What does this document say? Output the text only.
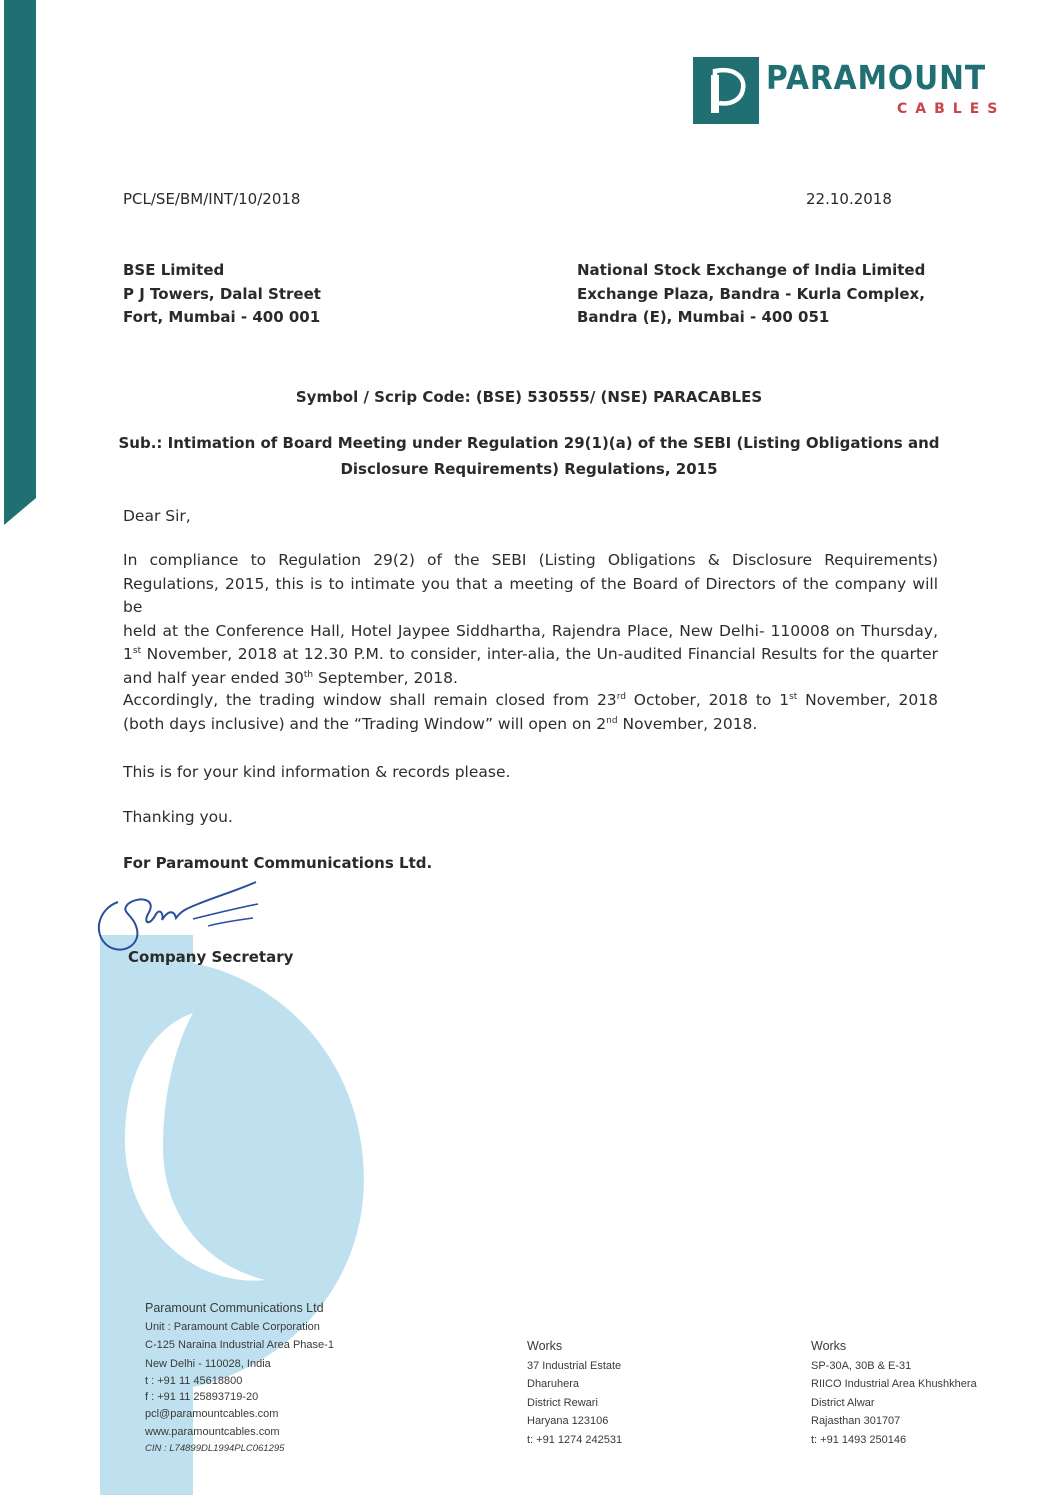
PARAMOUNT
CABLES
PCL/SE/BM/INT/10/2018	22.10.2018
BSE Limited
P J Towers, Dalal Street
Fort, Mumbai - 400 001
National Stock Exchange of India Limited
Exchange Plaza, Bandra - Kurla Complex,
Bandra (E), Mumbai - 400 051
Symbol / Scrip Code: (BSE) 530555/ (NSE) PARACABLES
Sub.: Intimation of Board Meeting under Regulation 29(1)(a) of the SEBI (Listing Obligations and
Disclosure Requirements) Regulations, 2015
Dear Sir,
In compliance to Regulation 29(2) of the SEBI (Listing Obligations & Disclosure Requirements)
Regulations, 2015, this is to intimate you that a meeting of the Board of Directors of the company will be
held at the Conference Hall, Hotel Jaypee Siddhartha, Rajendra Place, New Delhi- 110008 on Thursday,
1st November, 2018 at 12.30 P.M. to consider, inter-alia, the Un-audited Financial Results for the quarter
and half year ended 30th September, 2018.
Accordingly, the trading window shall remain closed from 23rd October, 2018 to 1st November, 2018
(both days inclusive) and the “Trading Window” will open on 2nd November, 2018.
This is for your kind information & records please.
Thanking you.
For Paramount Communications Ltd.
Company Secretary
Paramount Communications Ltd
Unit : Paramount Cable Corporation
C-125 Naraina Industrial Area Phase-1
New Delhi - 110028, India
t : +91 11 45618800
f : +91 11 25893719-20
pcl@paramountcables.com
www.paramountcables.com
CIN : L74899DL1994PLC061295
Works
37 Industrial Estate
Dharuhera
District Rewari
Haryana 123106
t: +91 1274 242531
Works
SP-30A, 30B & E-31
RIICO Industrial Area Khushkhera
District Alwar
Rajasthan 301707
t: +91 1493 250146
